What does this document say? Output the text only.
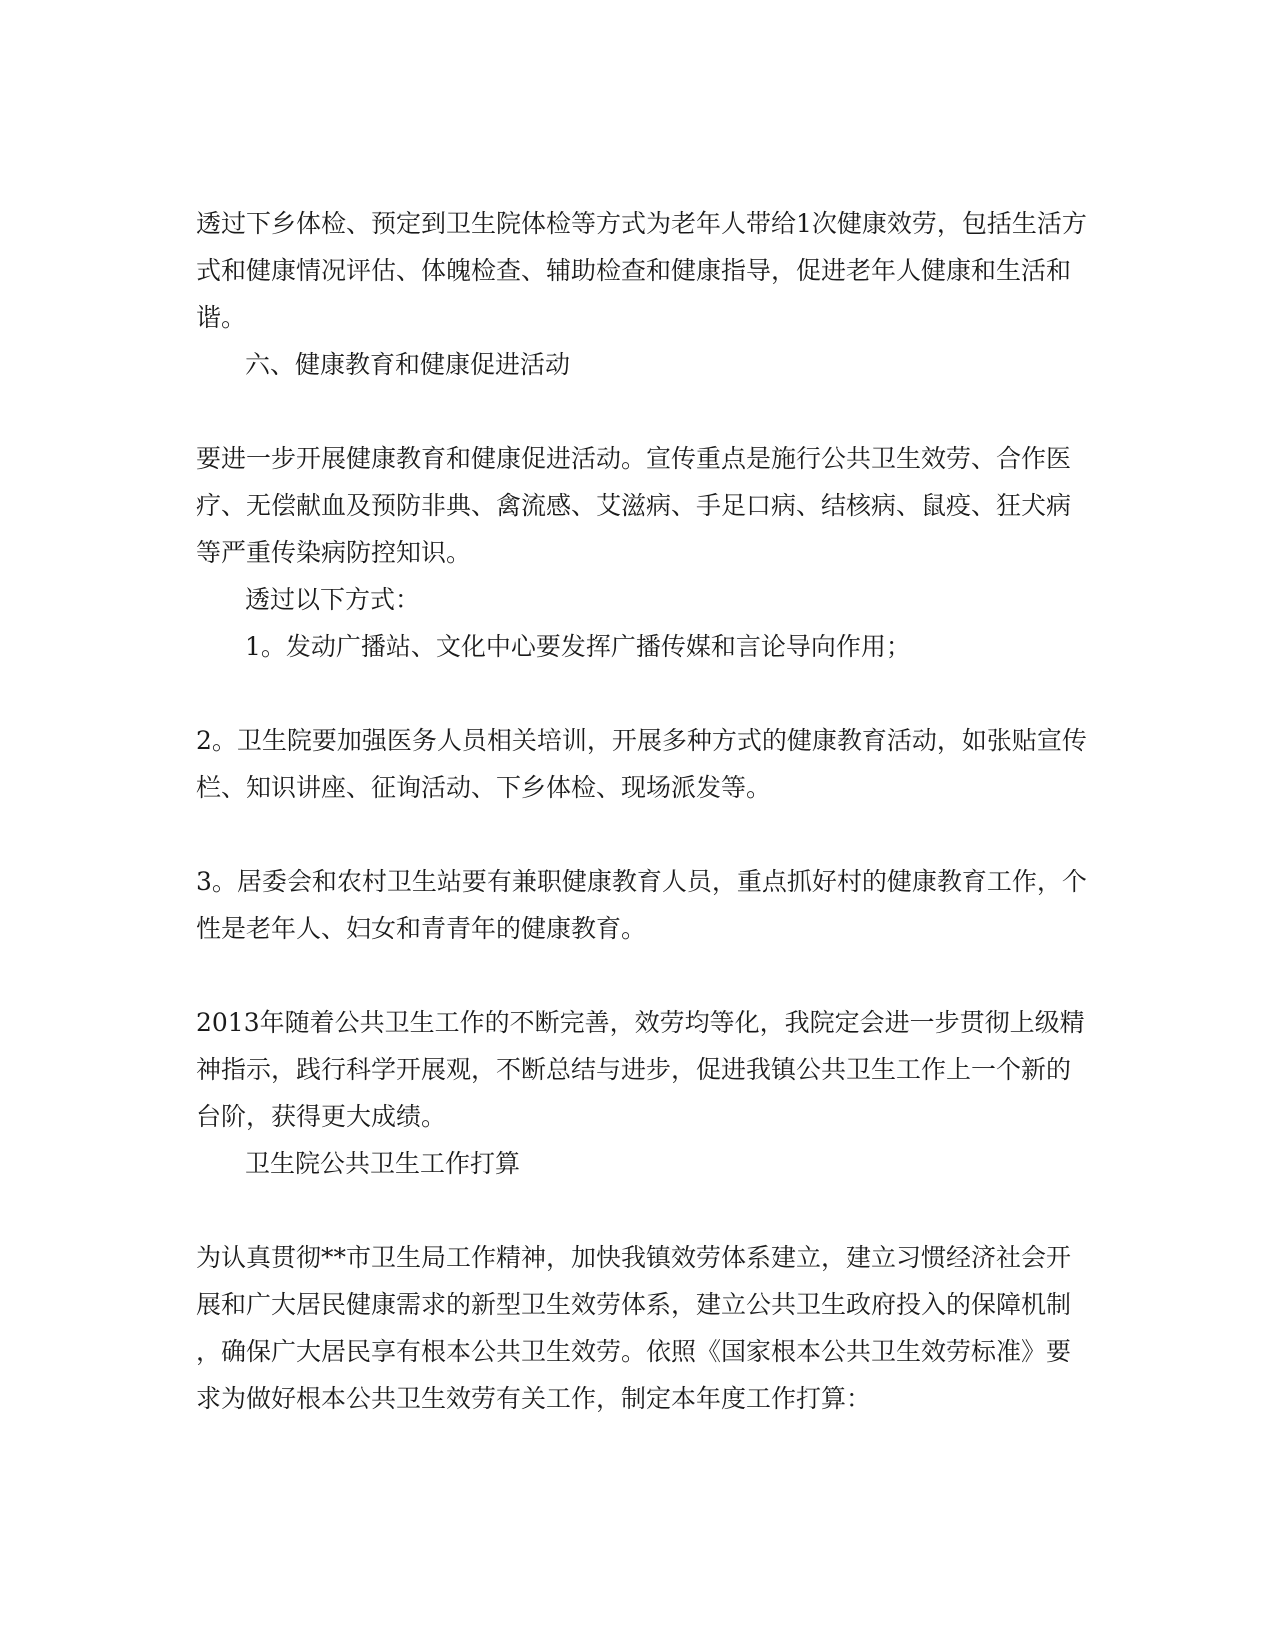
透过下乡体检、预定到卫生院体检等方式为老年人带给1次健康效劳，包括生活方
式和健康情况评估、体魄检查、辅助检查和健康指导，促进老年人健康和生活和
谐。
六、健康教育和健康促进活动
要进一步开展健康教育和健康促进活动。宣传重点是施行公共卫生效劳、合作医
疗、无偿献血及预防非典、禽流感、艾滋病、手足口病、结核病、鼠疫、狂犬病
等严重传染病防控知识。
透过以下方式：
1。发动广播站、文化中心要发挥广播传媒和言论导向作用；
2。卫生院要加强医务人员相关培训，开展多种方式的健康教育活动，如张贴宣传
栏、知识讲座、征询活动、下乡体检、现场派发等。
3。居委会和农村卫生站要有兼职健康教育人员，重点抓好村的健康教育工作，个
性是老年人、妇女和青青年的健康教育。
2013年随着公共卫生工作的不断完善，效劳均等化，我院定会进一步贯彻上级精
神指示，践行科学开展观，不断总结与进步，促进我镇公共卫生工作上一个新的
台阶，获得更大成绩。
卫生院公共卫生工作打算
为认真贯彻**市卫生局工作精神，加快我镇效劳体系建立，建立习惯经济社会开
展和广大居民健康需求的新型卫生效劳体系，建立公共卫生政府投入的保障机制
，确保广大居民享有根本公共卫生效劳。依照《国家根本公共卫生效劳标准》要
求为做好根本公共卫生效劳有关工作，制定本年度工作打算：
